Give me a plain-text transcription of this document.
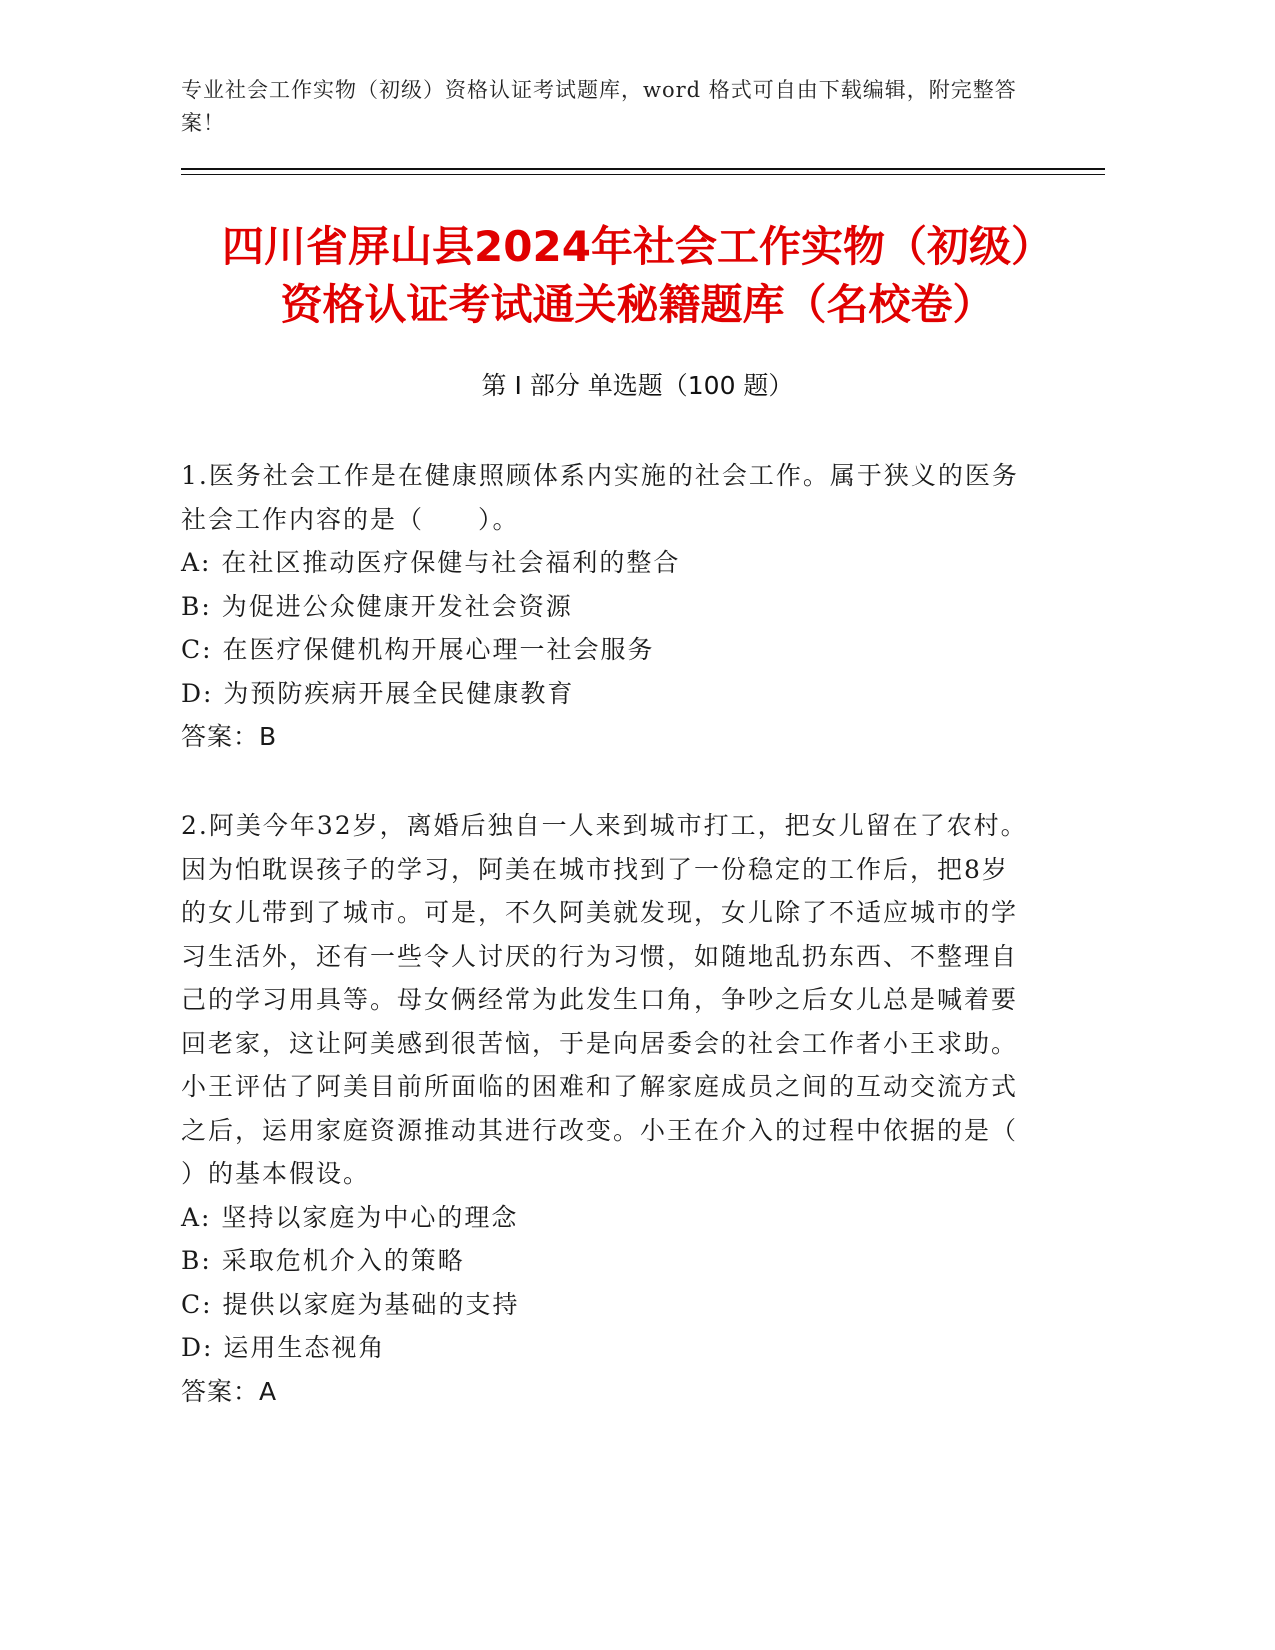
专业社会工作实物（初级）资格认证考试题库，word 格式可自由下载编辑，附完整答案！
四川省屏山县2024年社会工作实物（初级）
资格认证考试通关秘籍题库（名校卷）
第 I 部分 单选题（100 题）

1.医务社会工作是在健康照顾体系内实施的社会工作。属于狭义的医务社会工作内容的是（　　）。

A: 在社区推动医疗保健与社会福利的整合

B: 为促进公众健康开发社会资源

C: 在医疗保健机构开展心理一社会服务

D: 为预防疾病开展全民健康教育

答案：B

2.阿美今年32岁，离婚后独自一人来到城市打工，把女儿留在了农村。因为怕耽误孩子的学习，阿美在城市找到了一份稳定的工作后，把8岁的女儿带到了城市。可是，不久阿美就发现，女儿除了不适应城市的学习生活外，还有一些令人讨厌的行为习惯，如随地乱扔东西、不整理自己的学习用具等。母女俩经常为此发生口角，争吵之后女儿总是喊着要回老家，这让阿美感到很苦恼，于是向居委会的社会工作者小王求助。小王评估了阿美目前所面临的困难和了解家庭成员之间的互动交流方式之后，运用家庭资源推动其进行改变。小王在介入的过程中依据的是（ ）的基本假设。

A: 坚持以家庭为中心的理念

B: 采取危机介入的策略

C: 提供以家庭为基础的支持

D: 运用生态视角

答案：A
